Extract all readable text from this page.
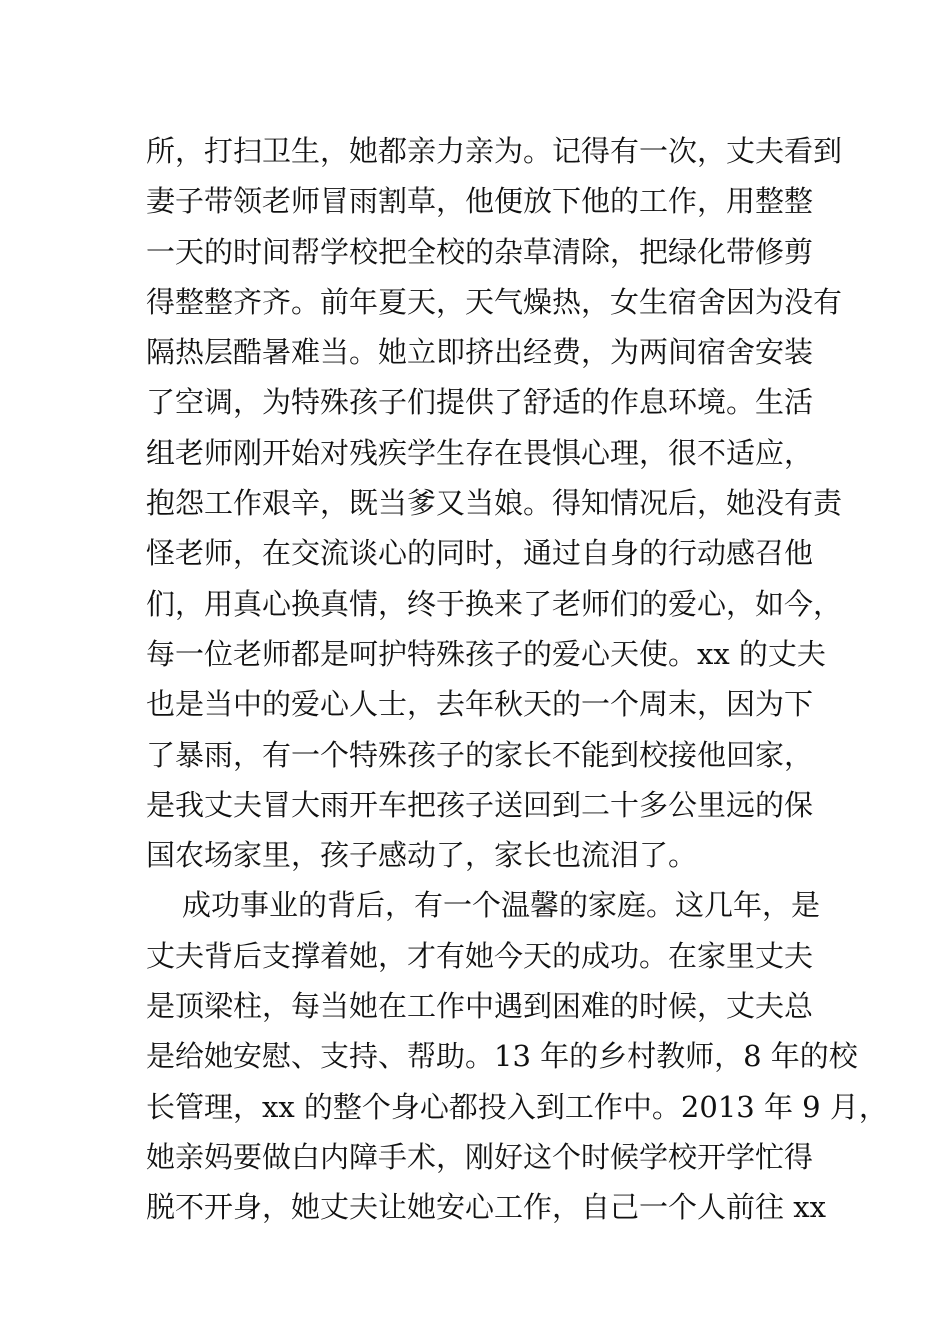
所，打扫卫生，她都亲力亲为。记得有一次，丈夫看到
妻子带领老师冒雨割草，他便放下他的工作，用整整
一天的时间帮学校把全校的杂草清除，把绿化带修剪
得整整齐齐。前年夏天，天气燥热，女生宿舍因为没有
隔热层酷暑难当。她立即挤出经费，为两间宿舍安装
了空调，为特殊孩子们提供了舒适的作息环境。生活
组老师刚开始对残疾学生存在畏惧心理，很不适应，
抱怨工作艰辛，既当爹又当娘。得知情况后，她没有责
怪老师，在交流谈心的同时，通过自身的行动感召他
们，用真心换真情，终于换来了老师们的爱心，如今，
每一位老师都是呵护特殊孩子的爱心天使。xx 的丈夫
也是当中的爱心人士，去年秋天的一个周末，因为下
了暴雨，有一个特殊孩子的家长不能到校接他回家，
是我丈夫冒大雨开车把孩子送回到二十多公里远的保
国农场家里，孩子感动了，家长也流泪了。
成功事业的背后，有一个温馨的家庭。这几年，是
丈夫背后支撑着她，才有她今天的成功。在家里丈夫
是顶梁柱，每当她在工作中遇到困难的时候，丈夫总
是给她安慰、支持、帮助。13 年的乡村教师，8 年的校
长管理，xx 的整个身心都投入到工作中。2013 年 9 月，
她亲妈要做白内障手术，刚好这个时候学校开学忙得
脱不开身，她丈夫让她安心工作，自己一个人前往 xx
